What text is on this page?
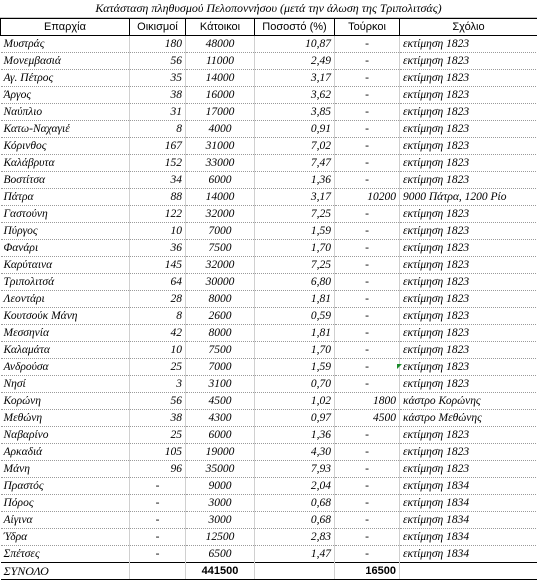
Κατάσταση πληθυσμού Πελοποννήσου (μετά την άλωση της Τριπολιτσάς)
Επαρχία	Οικισμοί	Κάτοικοι	Ποσοστό (%)	Τούρκοι	Σχόλιο
Μυστράς	180	48000	10,87	-	εκτίμηση 1823
Μονεμβασιά	56	11000	2,49	-	εκτίμηση 1823
Αγ. Πέτρος	35	14000	3,17	-	εκτίμηση 1823
Άργος	38	16000	3,62	-	εκτίμηση 1823
Ναύπλιο	31	17000	3,85	-	εκτίμηση 1823
Κατω-Ναχαγιέ	8	4000	0,91	-	εκτίμηση 1823
Κόρινθος	167	31000	7,02	-	εκτίμηση 1823
Καλάβρυτα	152	33000	7,47	-	εκτίμηση 1823
Βοστίτσα	34	6000	1,36	-	εκτίμηση 1823
Πάτρα	88	14000	3,17	10200	9000 Πάτρα, 1200 Ρίο
Γαστούνη	122	32000	7,25	-	εκτίμηση 1823
Πύργος	10	7000	1,59	-	εκτίμηση 1823
Φανάρι	36	7500	1,70	-	εκτίμηση 1823
Καρύταινα	145	32000	7,25	-	εκτίμηση 1823
Τριπολιτσά	64	30000	6,80	-	εκτίμηση 1823
Λεοντάρι	28	8000	1,81	-	εκτίμηση 1823
Κουτσούκ Μάνη	8	2600	0,59	-	εκτίμηση 1823
Μεσσηνία	42	8000	1,81	-	εκτίμηση 1823
Καλαμάτα	10	7500	1,70	-	εκτίμηση 1823
Ανδρούσα	25	7000	1,59	-	εκτίμηση 1823
Νησί	3	3100	0,70	-	εκτίμηση 1823
Κορώνη	56	4500	1,02	1800	κάστρο Κορώνης
Μεθώνη	38	4300	0,97	4500	κάστρο Μεθώνης
Ναβαρίνο	25	6000	1,36	-	εκτίμηση 1823
Αρκαδιά	105	19000	4,30	-	εκτίμηση 1823
Μάνη	96	35000	7,93	-	εκτίμηση 1823
Πραστός	-	9000	2,04	-	εκτίμηση 1834
Πόρος	-	3000	0,68	-	εκτίμηση 1834
Αίγινα	-	3000	0,68	-	εκτίμηση 1834
Ύδρα	-	12500	2,83	-	εκτίμηση 1834
Σπέτσες	-	6500	1,47	-	εκτίμηση 1834
ΣΥΝΟΛΟ		441500		16500	
